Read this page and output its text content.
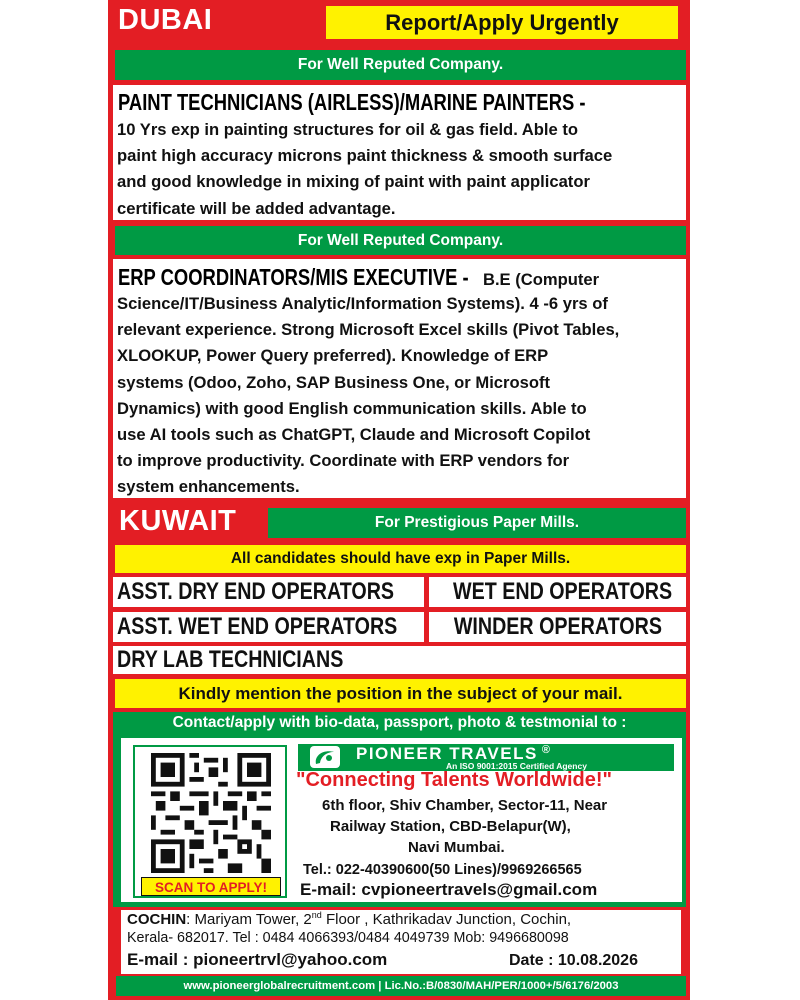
DUBAI	Report/Apply Urgently
For Well Reputed Company.
PAINT TECHNICIANS (AIRLESS)/MARINE PAINTERS -
10 Yrs exp in painting structures for oil & gas field. Able to
paint high accuracy microns paint thickness & smooth surface
and good knowledge in mixing of paint with paint applicator
certificate will be added advantage.
For Well Reputed Company.
ERP COORDINATORS/MIS EXECUTIVE - B.E (Computer
Science/IT/Business Analytic/Information Systems). 4 -6 yrs of
relevant experience. Strong Microsoft Excel skills (Pivot Tables,
XLOOKUP, Power Query preferred). Knowledge of ERP
systems (Odoo, Zoho, SAP Business One, or Microsoft
Dynamics) with good English communication skills. Able to
use AI tools such as ChatGPT, Claude and Microsoft Copilot
to improve productivity. Coordinate with ERP vendors for
system enhancements.
KUWAIT	For Prestigious Paper Mills.
All candidates should have exp in Paper Mills.
ASST. DRY END OPERATORS	WET END OPERATORS
ASST. WET END OPERATORS	WINDER OPERATORS
DRY LAB TECHNICIANS
Kindly mention the position in the subject of your mail.
Contact/apply with bio-data, passport, photo & testmonial to :
SCAN TO APPLY!
PIONEER TRAVELS ®
An ISO 9001:2015 Certified Agency
"Connecting Talents Worldwide!"
6th floor, Shiv Chamber, Sector-11, Near
Railway Station, CBD-Belapur(W),
Navi Mumbai.
Tel.: 022-40390600(50 Lines)/9969266565
E-mail: cvpioneertravels@gmail.com
COCHIN: Mariyam Tower, 2nd Floor , Kathrikadav Junction, Cochin,
Kerala- 682017. Tel : 0484 4066393/0484 4049739 Mob: 9496680098
E-mail : pioneertrvl@yahoo.com	Date : 10.08.2026
www.pioneerglobalrecruitment.com | Lic.No.:B/0830/MAH/PER/1000+/5/6176/2003
